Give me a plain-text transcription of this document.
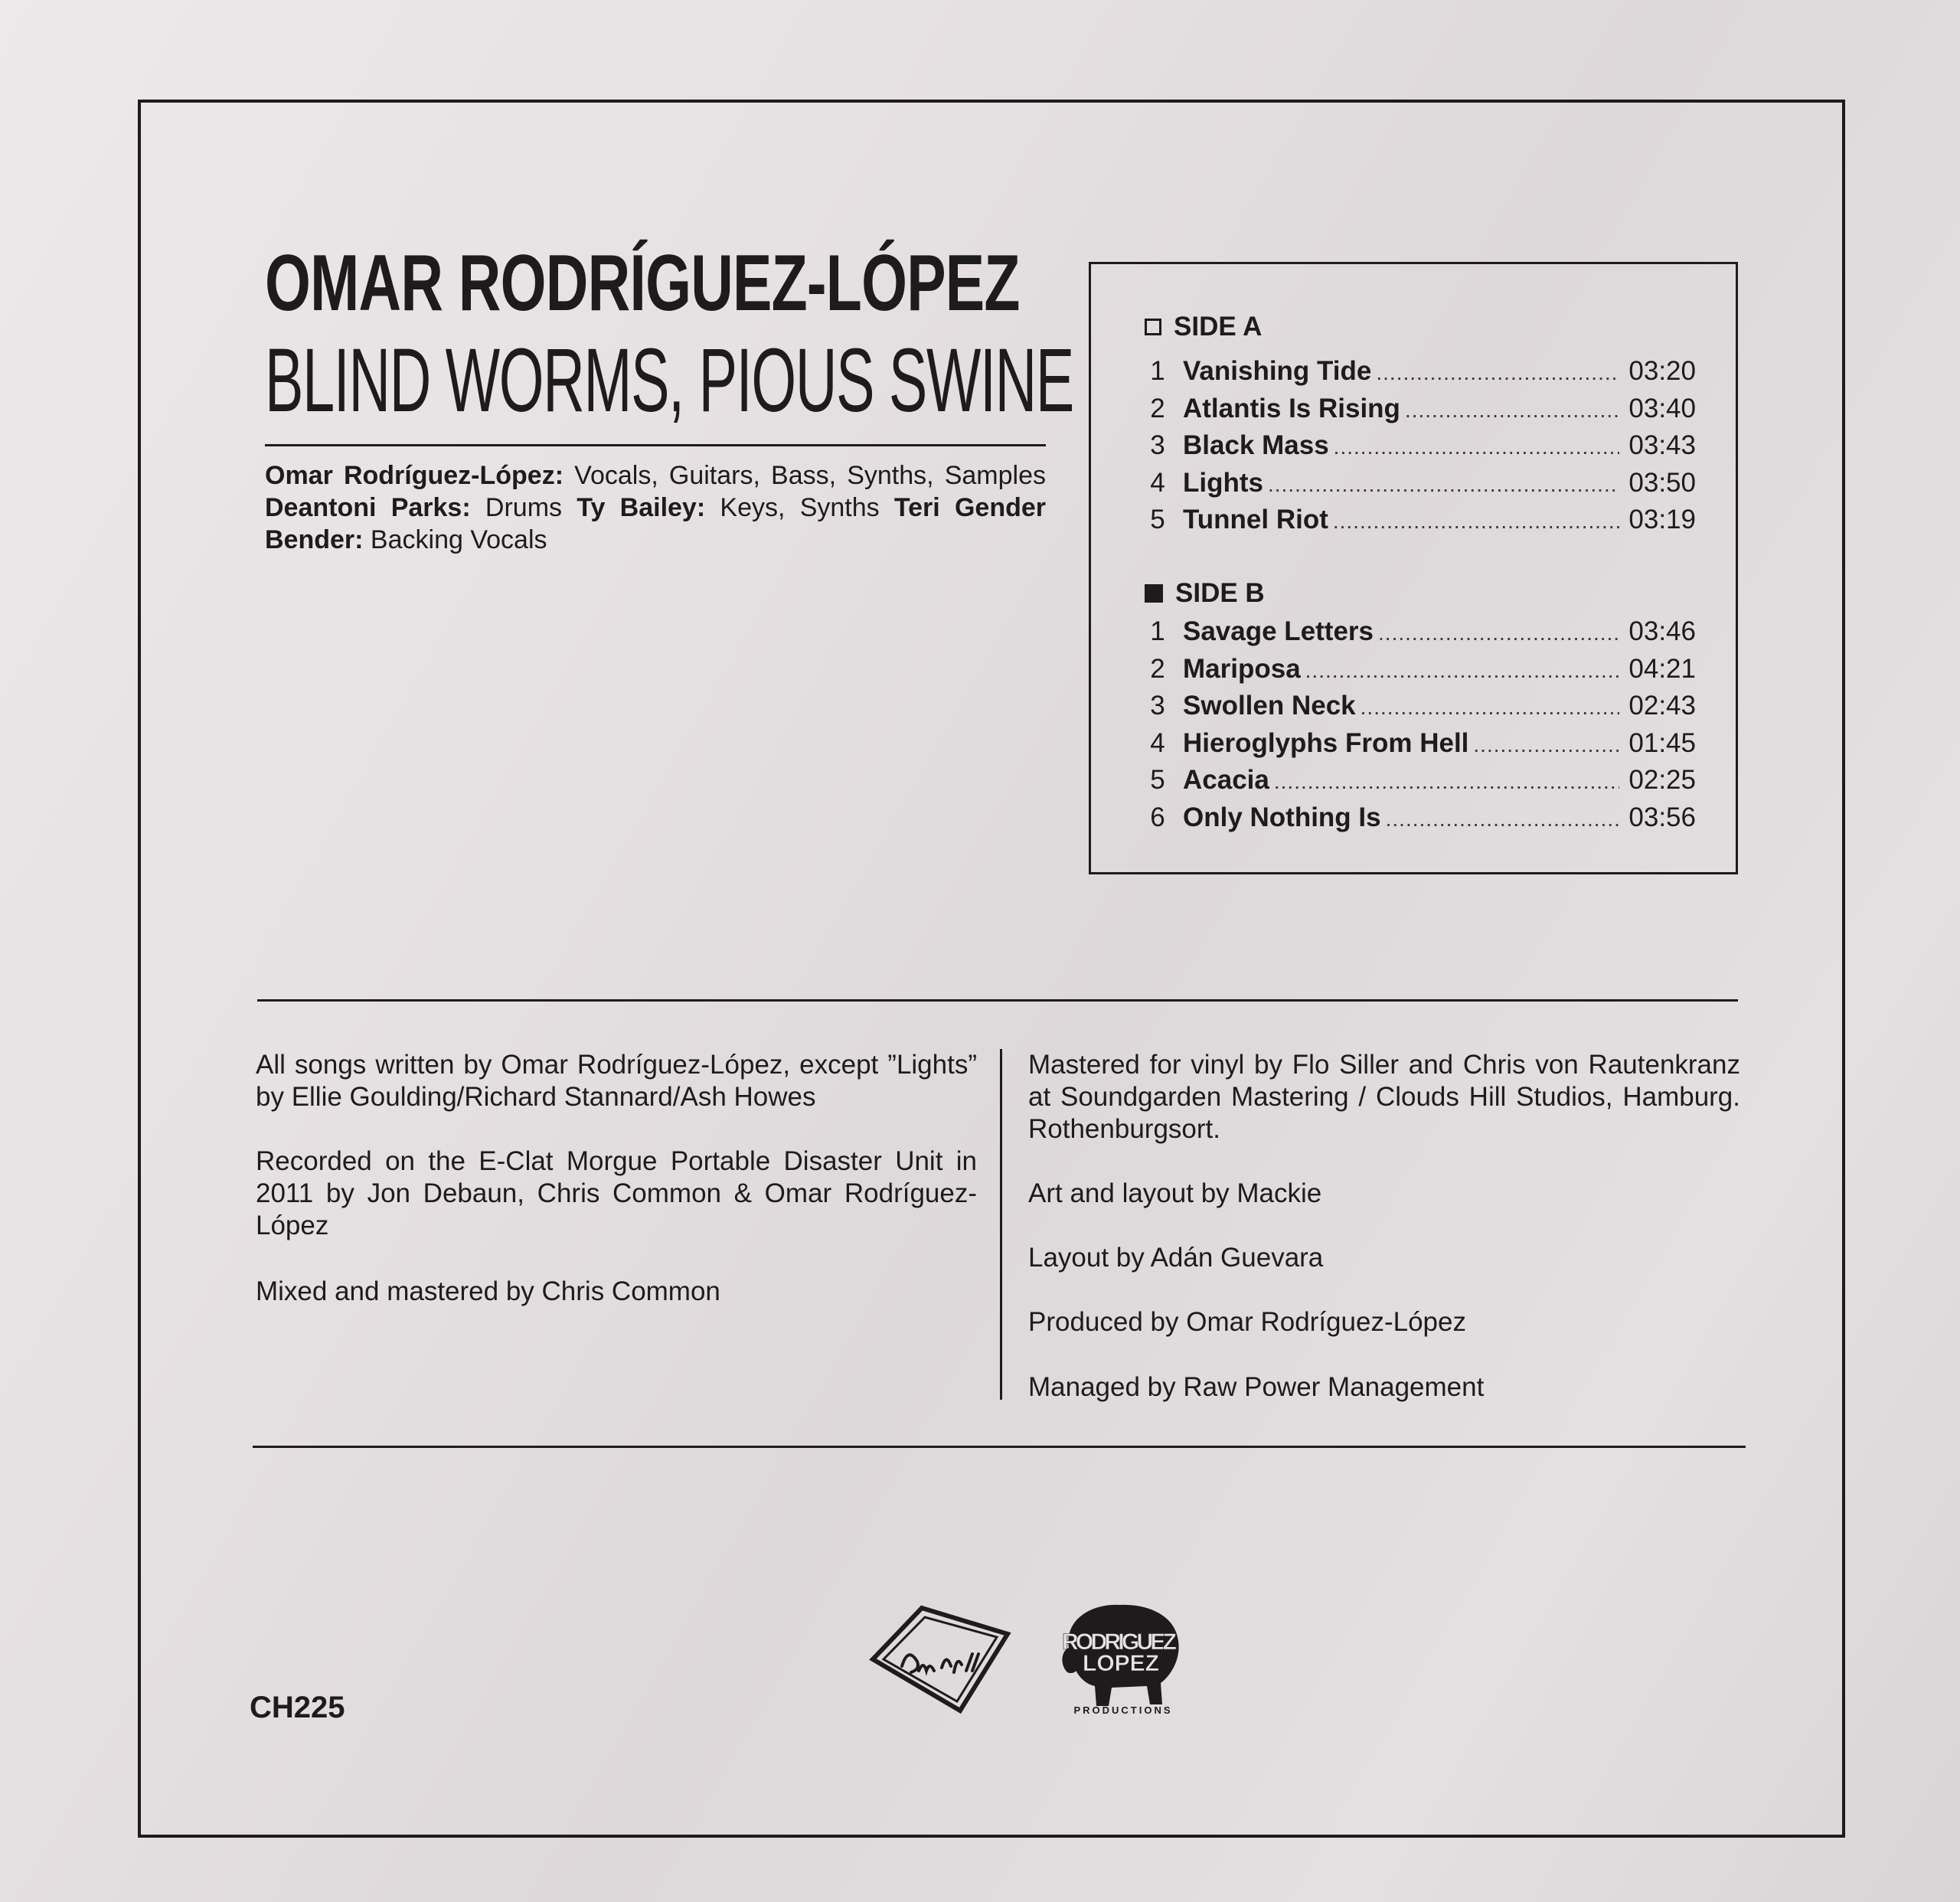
OMAR RODRÍGUEZ-LÓPEZ
BLIND WORMS, PIOUS SWINE

Omar Rodríguez-López: Vocals, Guitars, Bass, Synths, Samples Deantoni Parks: Drums Ty Bailey: Keys, Synths Teri Gender Bender: Backing Vocals

SIDE A
1 Vanishing Tide .....	03:20
2 Atlantis Is Rising .....	03:40
3 Black Mass .....	03:43
4 Lights .....	03:50
5 Tunnel Riot .....	03:19
SIDE B
1 Savage Letters .....	03:46
2 Mariposa .....	04:21
3 Swollen Neck .....	02:43
4 Hieroglyphs From Hell .....	01:45
5 Acacia .....	02:25
6 Only Nothing Is .....	03:56

All songs written by Omar Rodríguez-López, except ”Lights” by Ellie Goulding/Richard Stannard/Ash Howes

Recorded on the E-Clat Morgue Portable Disaster Unit in 2011 by Jon Debaun, Chris Common & Omar Rodríguez-López

Mixed and mastered by Chris Common

Mastered for vinyl by Flo Siller and Chris von Rautenkranz at Soundgarden Mastering / Clouds Hill Studios, Hamburg. Rothenburgsort.

Art and layout by Mackie

Layout by Adán Guevara

Produced by Omar Rodríguez-López

Managed by Raw Power Management

CH225
RODRIGUEZ
LOPEZ
PRODUCTIONS
